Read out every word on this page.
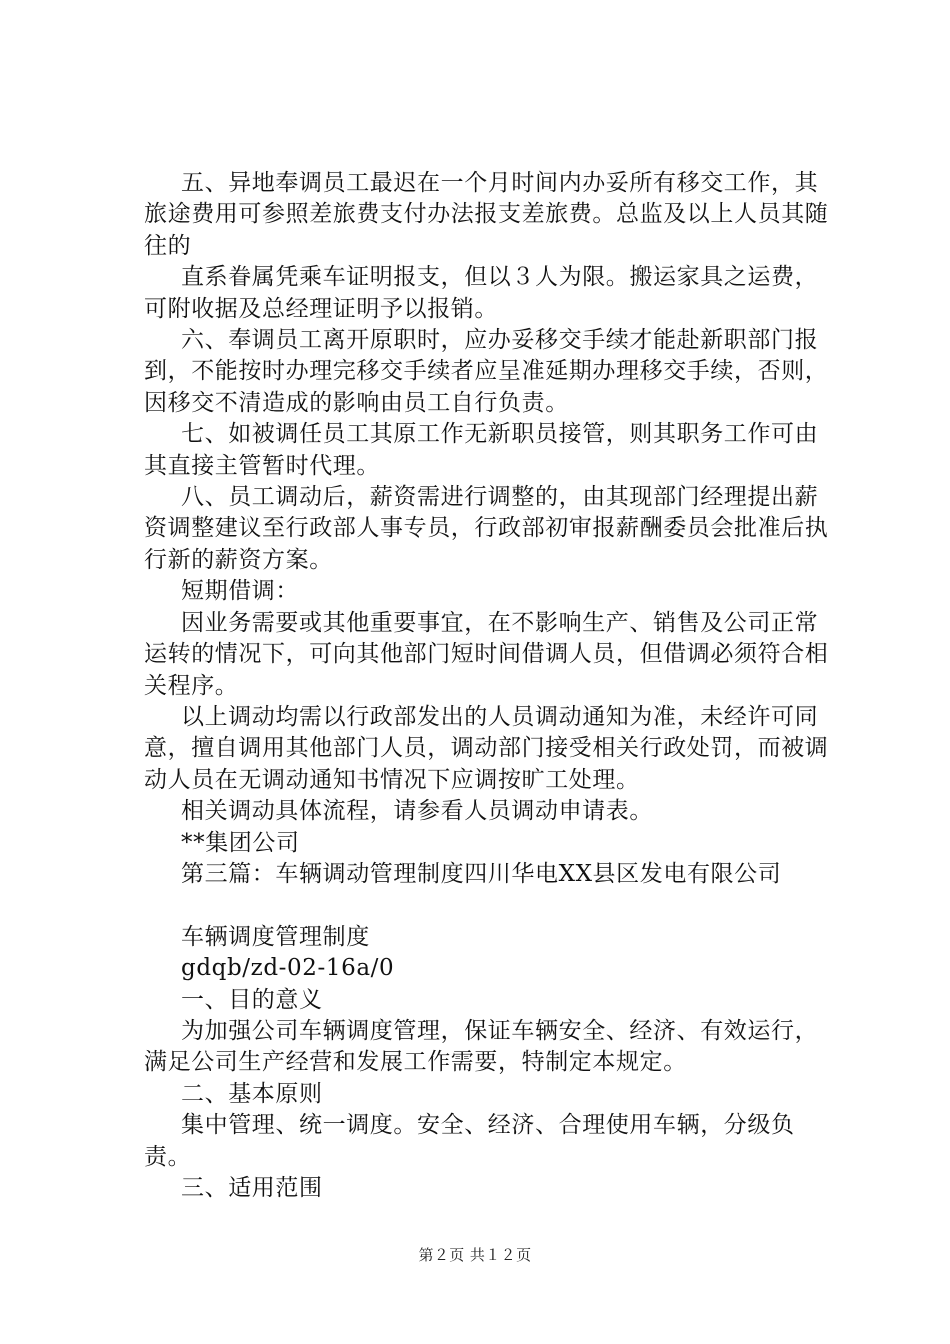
五、异地奉调员工最迟在一个月时间内办妥所有移交工作，其旅途费用可参照差旅费支付办法报支差旅费。总监及以上人员其随往的

直系眷属凭乘车证明报支，但以３人为限。搬运家具之运费，可附收据及总经理证明予以报销。

六、奉调员工离开原职时，应办妥移交手续才能赴新职部门报到，不能按时办理完移交手续者应呈准延期办理移交手续，否则，因移交不清造成的影响由员工自行负责。

七、如被调任员工其原工作无新职员接管，则其职务工作可由其直接主管暂时代理。

八、员工调动后，薪资需进行调整的，由其现部门经理提出薪资调整建议至行政部人事专员，行政部初审报薪酬委员会批准后执行新的薪资方案。

短期借调：

因业务需要或其他重要事宜，在不影响生产、销售及公司正常运转的情况下，可向其他部门短时间借调人员，但借调必须符合相关程序。

以上调动均需以行政部发出的人员调动通知为准，未经许可同意，擅自调用其他部门人员，调动部门接受相关行政处罚，而被调动人员在无调动通知书情况下应调按旷工处理。

相关调动具体流程，请参看人员调动申请表。

**集团公司

第三篇：车辆调动管理制度四川华电XX县区发电有限公司

车辆调度管理制度

gdqb/zd-02-16a/0

一、目的意义

为加强公司车辆调度管理，保证车辆安全、经济、有效运行，满足公司生产经营和发展工作需要，特制定本规定。

二、基本原则

集中管理、统一调度。安全、经济、合理使用车辆，分级负责。

三、适用范围

第２页 共１２页
